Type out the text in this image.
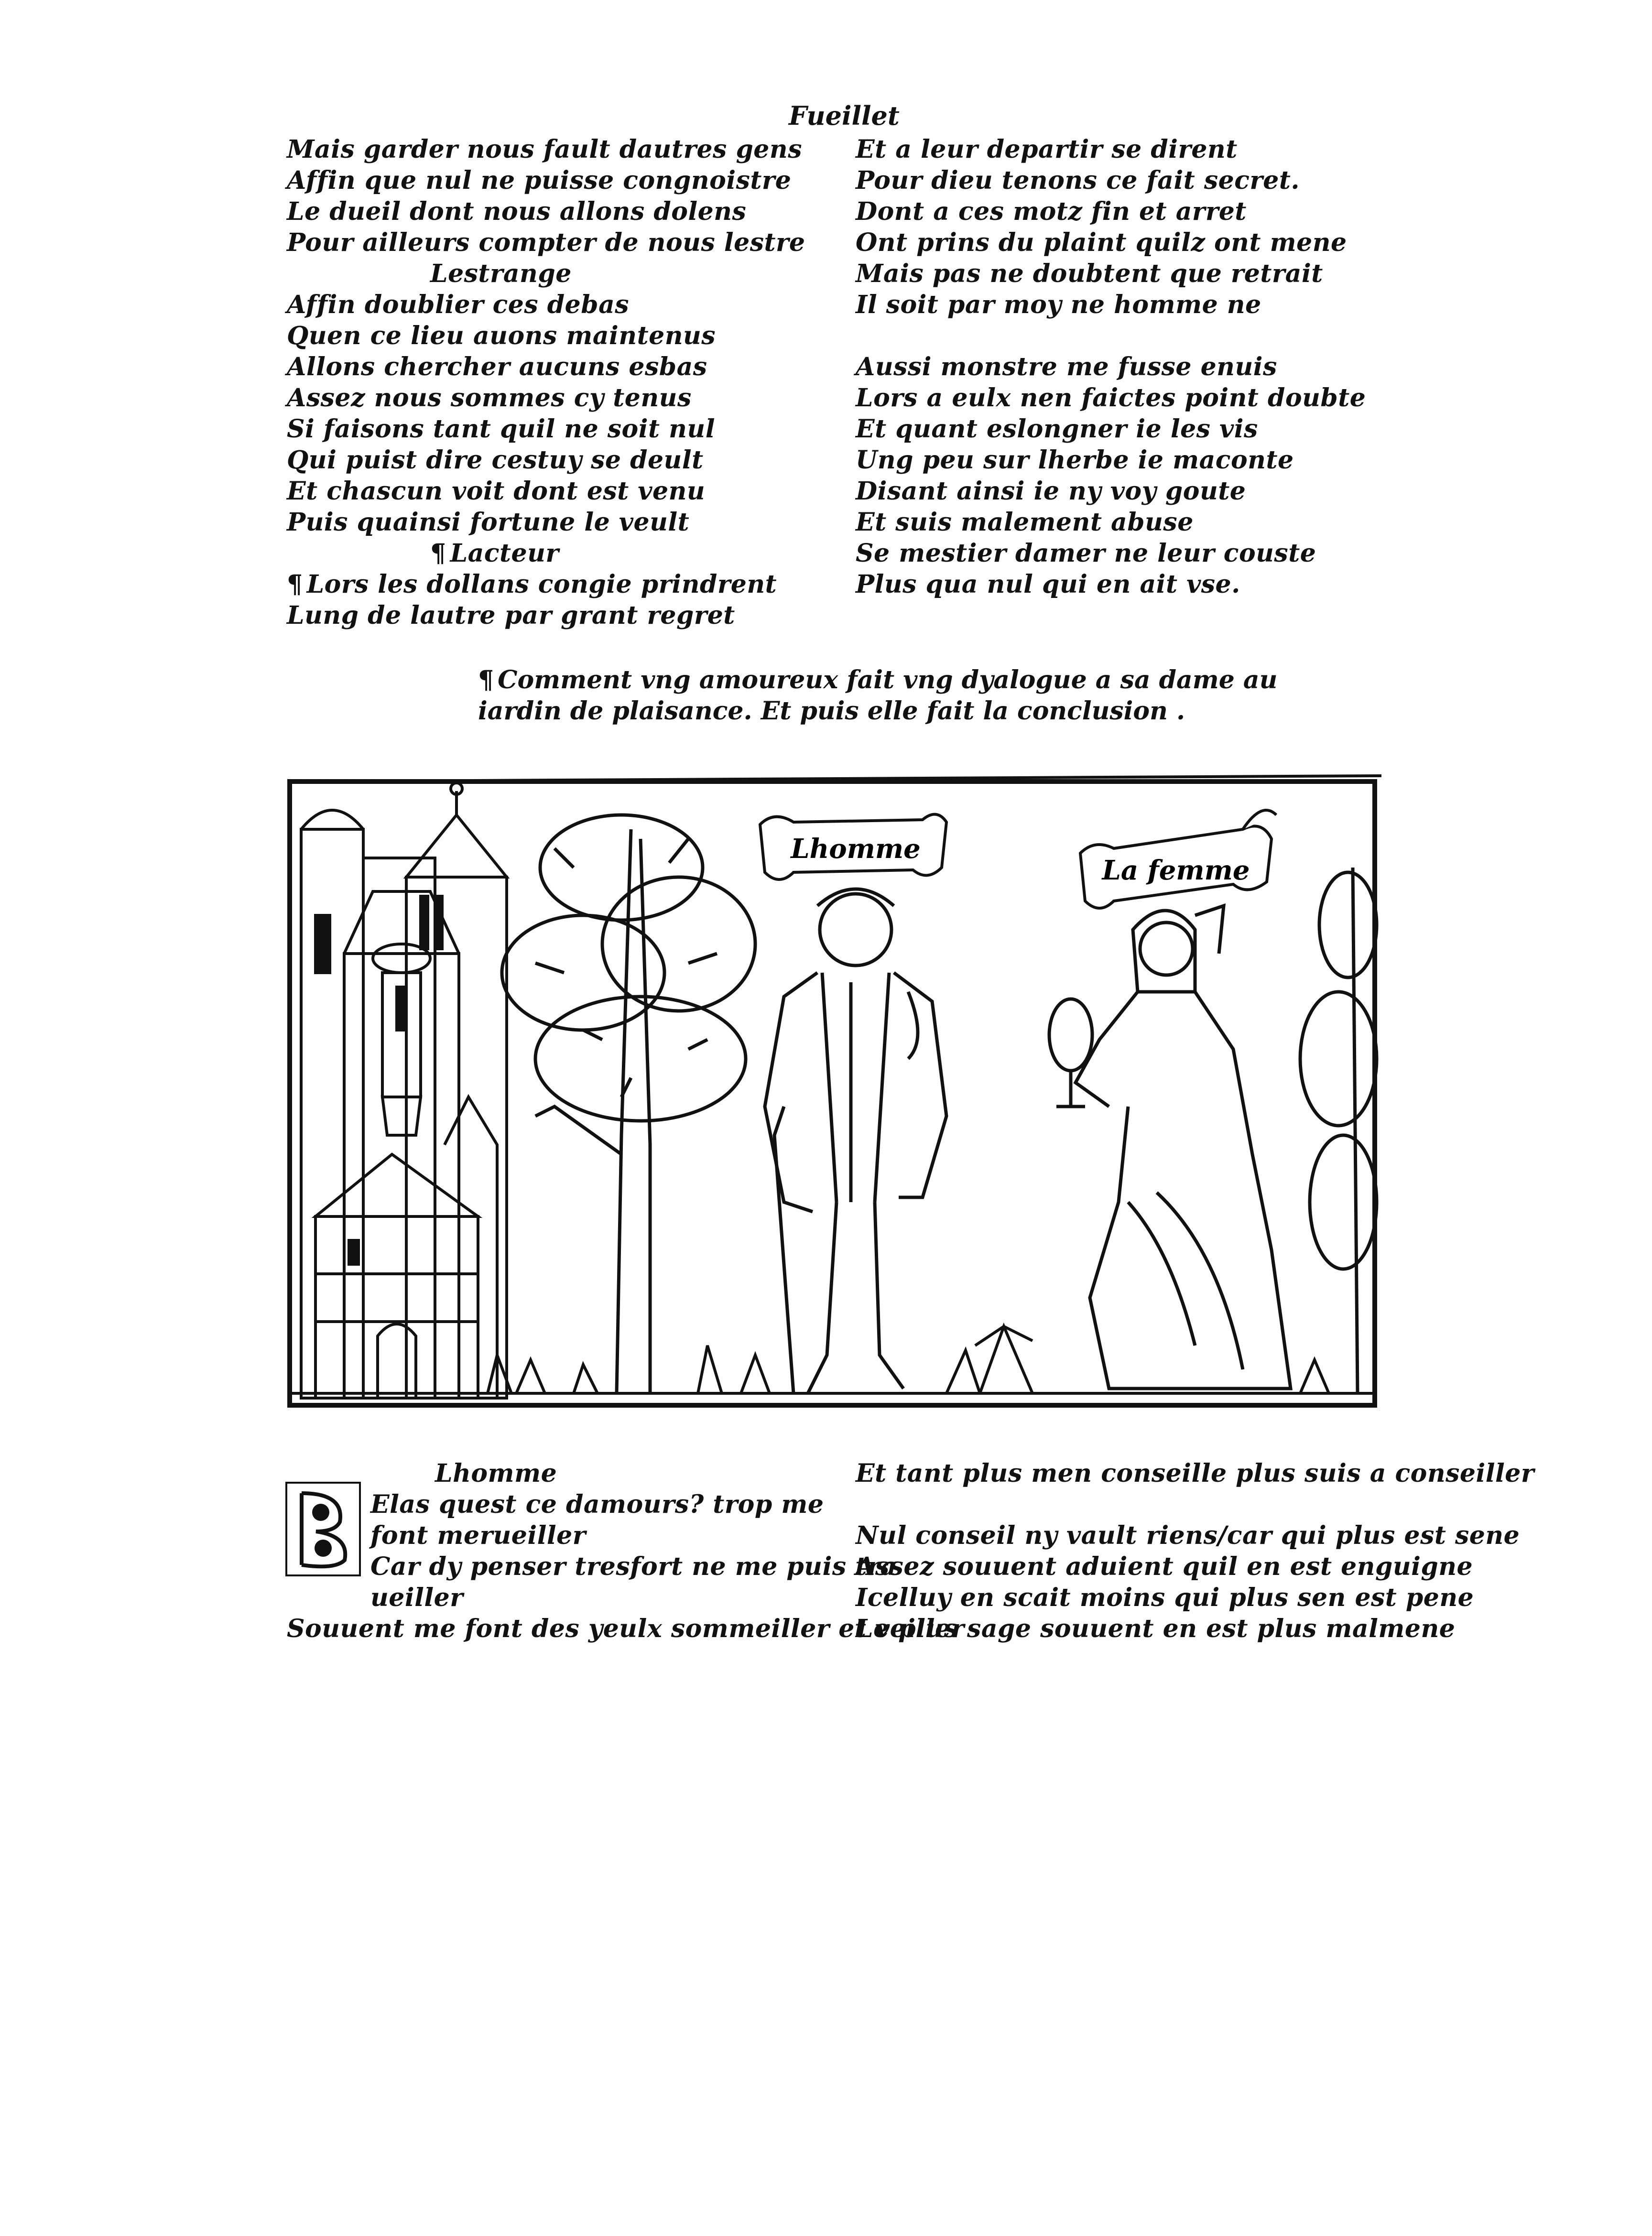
Fueillet
Mais garder nous fault dautres gens
Affin que nul ne puisse congnoistre
Le dueil dont nous allons dolens
Pour ailleurs compter de nous lestre
Lestrange
Affin doublier ces debas
Quen ce lieu auons maintenus
Allons chercher aucuns esbas
Assez nous sommes cy tenus
Si faisons tant quil ne soit nul
Qui puist dire cestuy se deult
Et chascun voit dont est venu
Puis quainsi fortune le veult
¶ Lacteur
¶ Lors les dollans congie prindrent
Lung de lautre par grant regret
Et a leur departir se dirent
Pour dieu tenons ce fait secret.
Dont a ces motz fin et arret
Ont prins du plaint quilz ont mene
Mais pas ne doubtent que retrait
Il soit par moy ne homme ne
Aussi monstre me fusse enuis
Lors a eulx nen faictes point doubte
Et quant eslongner ie les vis
Ung peu sur lherbe ie maconte
Disant ainsi ie ny voy goute
Et suis malement abuse
Se mestier damer ne leur couste
Plus qua nul qui en ait vse.
¶ Comment vng amoureux fait vng dyalogue a sa dame au
iardin de plaisance. Et puis elle fait la conclusion .
Lhomme
La femme
Lhomme
Elas quest ce damours? trop me
font merueiller
Car dy penser tresfort ne me puis tra
ueiller
Souuent me font des yeulx sommeiller et veiller
Et tant plus men conseille plus suis a conseiller
Nul conseil ny vault riens/car qui plus est sene
Assez souuent aduient quil en est enguigne
Icelluy en scait moins qui plus sen est pene
Le plus sage souuent en est plus malmene
